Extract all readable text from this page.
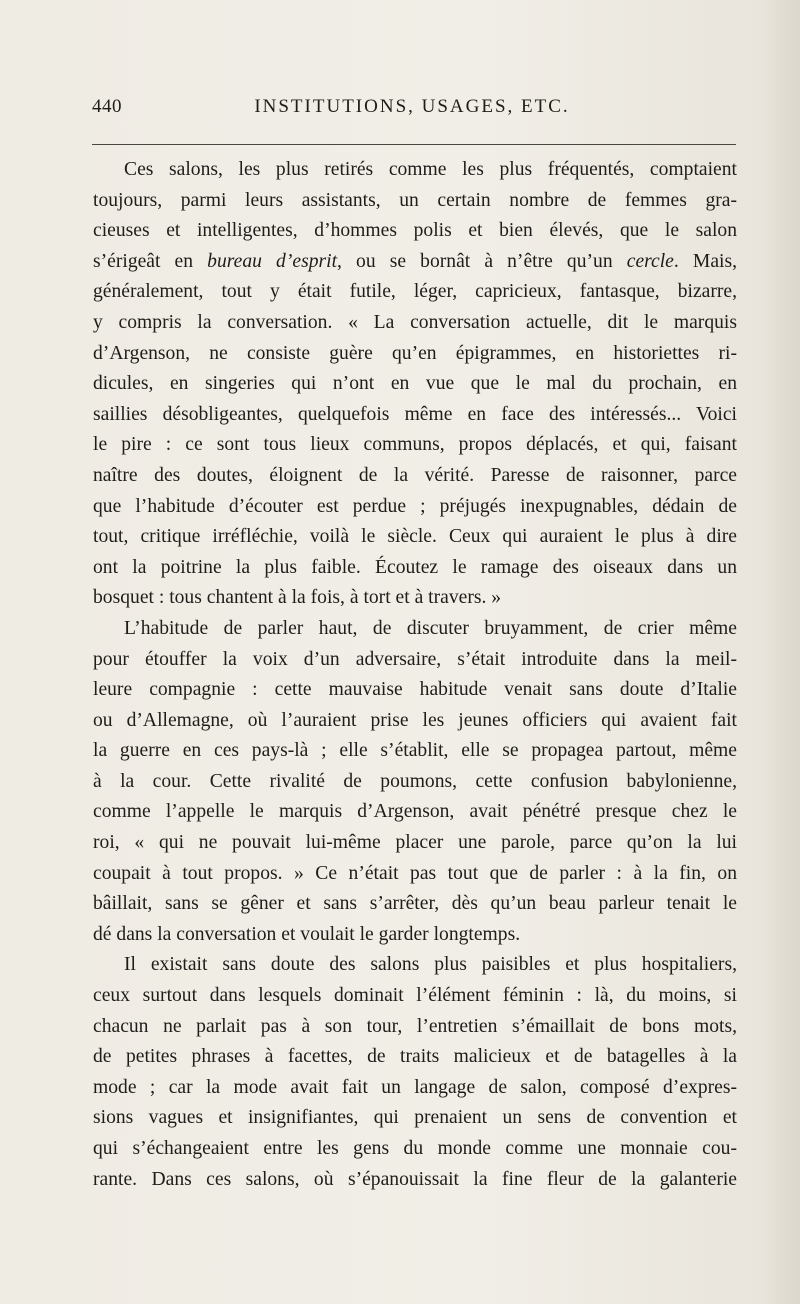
440	INSTITUTIONS, USAGES, ETC.

Ces salons, les plus retirés comme les plus fréquentés, comptaient

toujours, parmi leurs assistants, un certain nombre de femmes gra-

cieuses et intelligentes, d’hommes polis et bien élevés, que le salon

s’érigeât en bureau d’esprit, ou se bornât à n’être qu’un cercle. Mais,

généralement, tout y était futile, léger, capricieux, fantasque, bizarre,

y compris la conversation. « La conversation actuelle, dit le marquis

d’Argenson, ne consiste guère qu’en épigrammes, en historiettes ri-

dicules, en singeries qui n’ont en vue que le mal du prochain, en

saillies désobligeantes, quelquefois même en face des intéressés... Voici

le pire : ce sont tous lieux communs, propos déplacés, et qui, faisant

naître des doutes, éloignent de la vérité. Paresse de raisonner, parce

que l’habitude d’écouter est perdue ; préjugés inexpugnables, dédain de

tout, critique irréfléchie, voilà le siècle. Ceux qui auraient le plus à dire

ont la poitrine la plus faible. Écoutez le ramage des oiseaux dans un

bosquet : tous chantent à la fois, à tort et à travers. »

L’habitude de parler haut, de discuter bruyamment, de crier même

pour étouffer la voix d’un adversaire, s’était introduite dans la meil-

leure compagnie : cette mauvaise habitude venait sans doute d’Italie

ou d’Allemagne, où l’auraient prise les jeunes officiers qui avaient fait

la guerre en ces pays-là ; elle s’établit, elle se propagea partout, même

à la cour. Cette rivalité de poumons, cette confusion babylonienne,

comme l’appelle le marquis d’Argenson, avait pénétré presque chez le

roi, « qui ne pouvait lui-même placer une parole, parce qu’on la lui

coupait à tout propos. » Ce n’était pas tout que de parler : à la fin, on

bâillait, sans se gêner et sans s’arrêter, dès qu’un beau parleur tenait le

dé dans la conversation et voulait le garder longtemps.

Il existait sans doute des salons plus paisibles et plus hospitaliers,

ceux surtout dans lesquels dominait l’élément féminin : là, du moins, si

chacun ne parlait pas à son tour, l’entretien s’émaillait de bons mots,

de petites phrases à facettes, de traits malicieux et de batagelles à la

mode ; car la mode avait fait un langage de salon, composé d’expres-

sions vagues et insignifiantes, qui prenaient un sens de convention et

qui s’échangeaient entre les gens du monde comme une monnaie cou-

rante. Dans ces salons, où s’épanouissait la fine fleur de la galanterie
